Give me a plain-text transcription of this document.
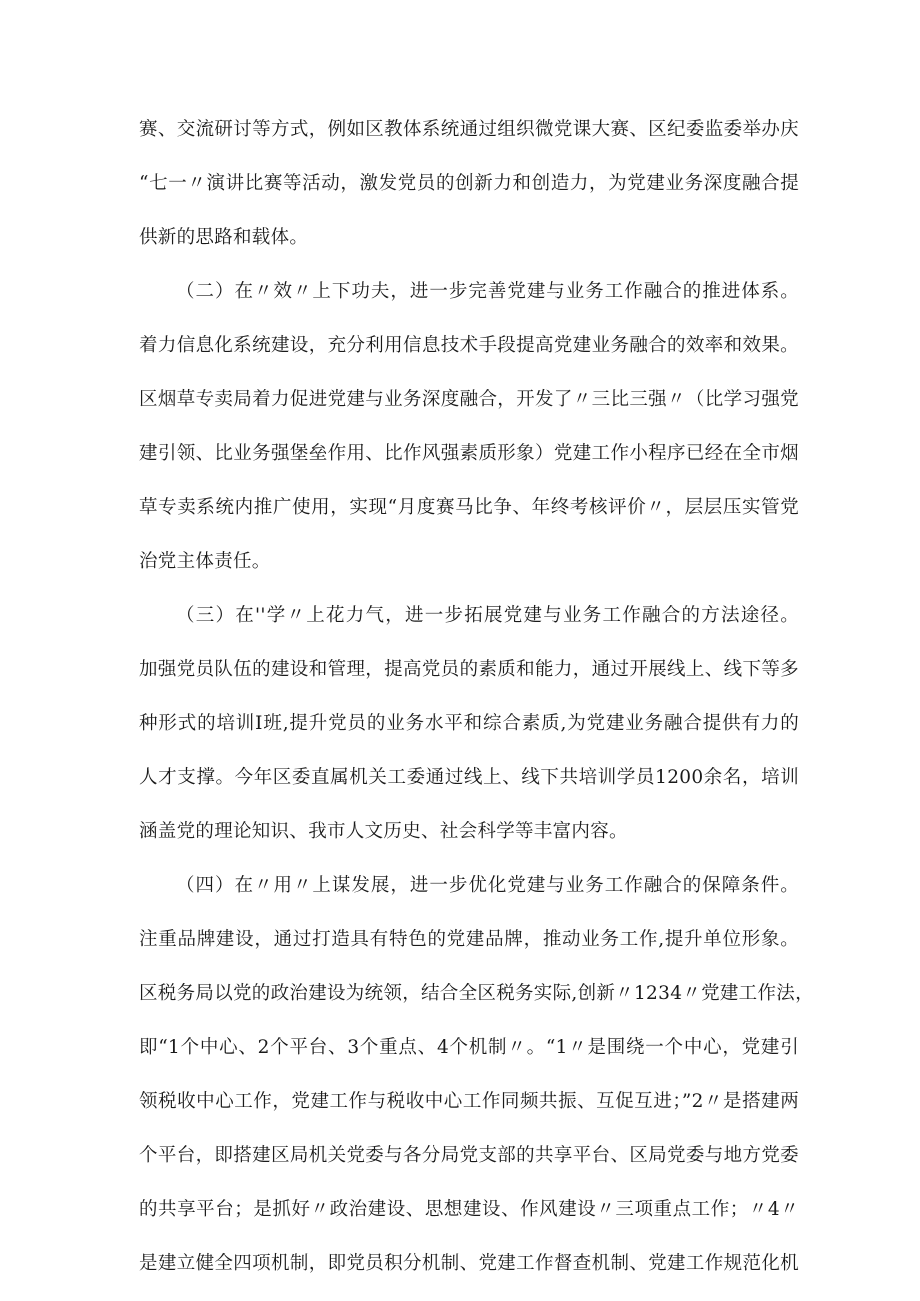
赛、交流研讨等方式，例如区教体系统通过组织微党课大赛、区纪委监委举办庆
“七一〃演讲比赛等活动，激发党员的创新力和创造力，为党建业务深度融合提
供新的思路和载体。
（二）在〃效〃上下功夫，进一步完善党建与业务工作融合的推进体系。
着力信息化系统建设，充分利用信息技术手段提高党建业务融合的效率和效果。
区烟草专卖局着力促进党建与业务深度融合，开发了〃三比三强〃（比学习强党
建引领、比业务强堡垒作用、比作风强素质形象）党建工作小程序已经在全市烟
草专卖系统内推广使用，实现“月度赛马比争、年终考核评价〃，层层压实管党
治党主体责任。
（三）在''学〃上花力气，进一步拓展党建与业务工作融合的方法途径。
加强党员队伍的建设和管理，提高党员的素质和能力，通过开展线上、线下等多
种形式的培训I班,提升党员的业务水平和综合素质,为党建业务融合提供有力的
人才支撑。今年区委直属机关工委通过线上、线下共培训学员1200余名，培训
涵盖党的理论知识、我市人文历史、社会科学等丰富内容。
（四）在〃用〃上谋发展，进一步优化党建与业务工作融合的保障条件。
注重品牌建设，通过打造具有特色的党建品牌，推动业务工作,提升单位形象。
区税务局以党的政治建设为统领，结合全区税务实际,创新〃1234〃党建工作法，
即“1个中心、2个平台、3个重点、4个机制〃。“1〃是围绕一个中心，党建引
领税收中心工作，党建工作与税收中心工作同频共振、互促互进；”2〃是搭建两
个平台，即搭建区局机关党委与各分局党支部的共享平台、区局党委与地方党委
的共享平台；是抓好〃政治建设、思想建设、作风建设〃三项重点工作；〃4〃
是建立健全四项机制，即党员积分机制、党建工作督查机制、党建工作规范化机
